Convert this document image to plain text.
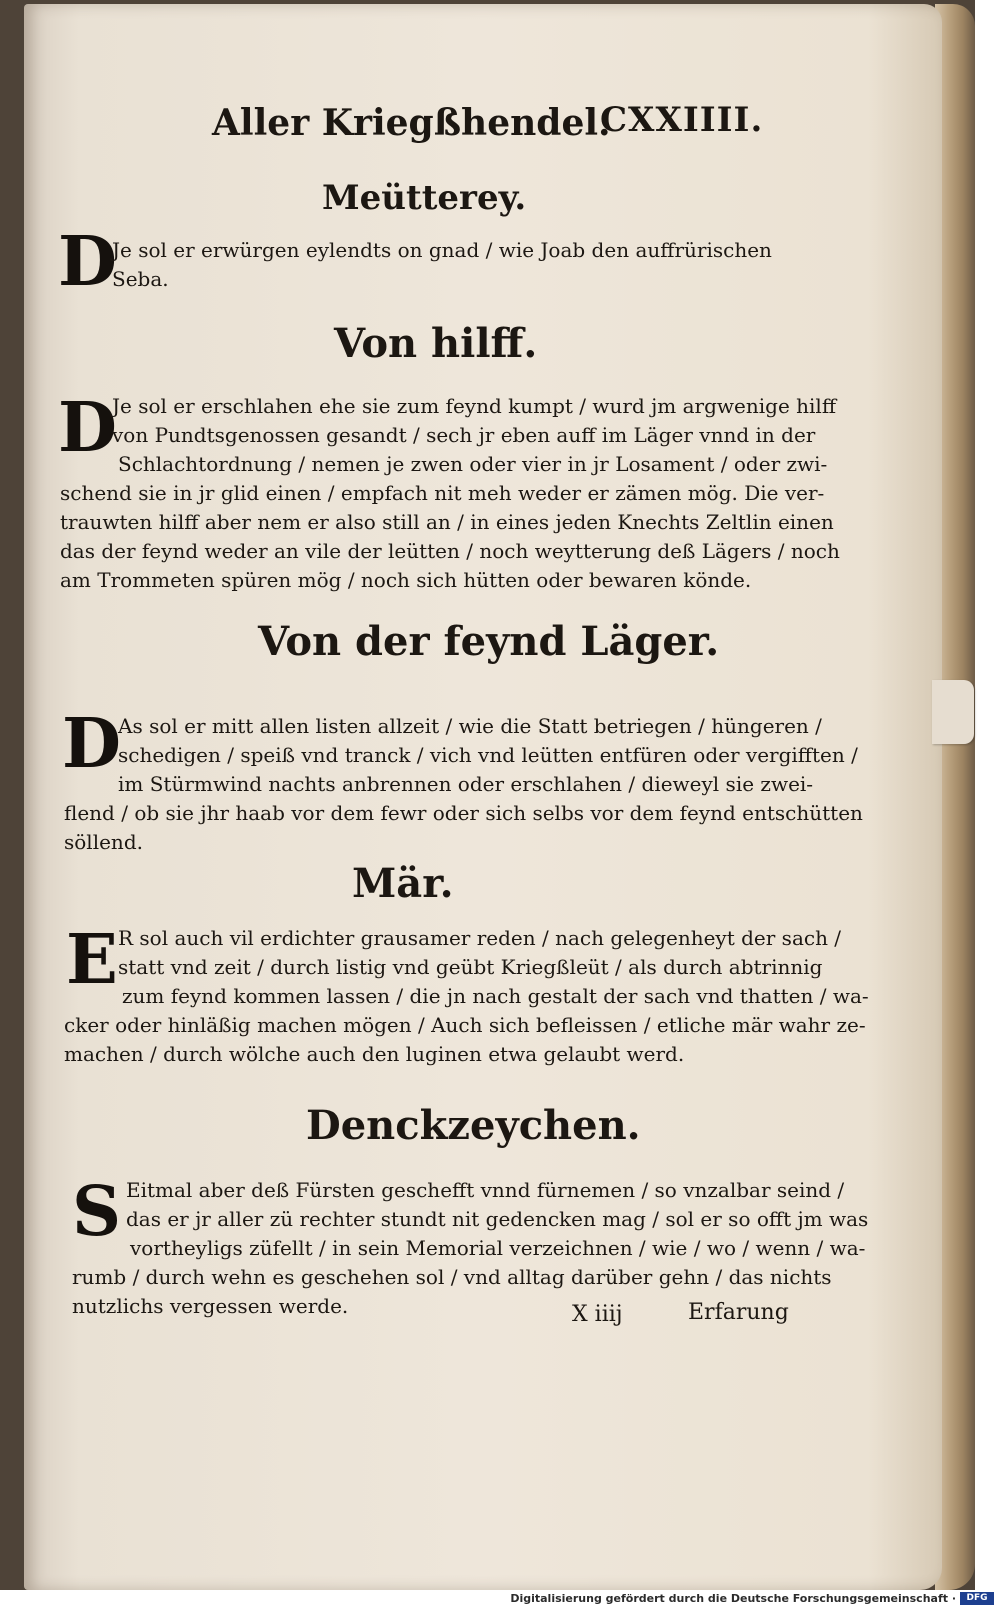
Aller Kriegßhendel.
CXXIIII.
Meütterey.
D
Je sol er erwürgen eylendts on gnad / wie Joab den auffrürischen
Seba.
Von hilff.
D
Je sol er erschlahen ehe sie zum feynd kumpt / wurd jm argwenige hilff
von Pundtsgenossen gesandt / sech jr eben auff im Läger vnnd in der
Schlachtordnung / nemen je zwen oder vier in jr Losament / oder zwi-
schend sie in jr glid einen / empfach nit meh weder er zämen mög. Die ver-
trauwten hilff aber nem er also still an / in eines jeden Knechts Zeltlin einen
das der feynd weder an vile der leütten / noch weytterung deß Lägers / noch
am Trommeten spüren mög / noch sich hütten oder bewaren könde.
Von der feynd Läger.
D
As sol er mitt allen listen allzeit / wie die Statt betriegen / hüngeren /
schedigen / speiß vnd tranck / vich vnd leütten entfüren oder vergifften /
im Stürmwind nachts anbrennen oder erschlahen / dieweyl sie zwei-
flend / ob sie jhr haab vor dem fewr oder sich selbs vor dem feynd entschütten
söllend.
Mär.
E R sol auch vil erdichter grausamer reden / nach gelegenheyt der sach /
statt vnd zeit / durch listig vnd geübt Kriegßleüt / als durch abtrinnig
zum feynd kommen lassen / die jn nach gestalt der sach vnd thatten / wa-
cker oder hinläßig machen mögen / Auch sich befleissen / etliche mär wahr ze-
machen / durch wölche auch den luginen etwa gelaubt werd.
Denckzeychen.
S Eitmal aber deß Fürsten geschefft vnnd fürnemen / so vnzalbar seind /
das er jr aller zü rechter stundt nit gedencken mag / sol er so offt jm was
vortheyligs züfellt / in sein Memorial verzeichnen / wie / wo / wenn / wa-
rumb / durch wehn es geschehen sol / vnd alltag darüber gehn / das nichts
nutzlichs vergessen werde.	X iiij	Erfarung
Digitalisierung gefördert durch die Deutsche Forschungsgemeinschaft ·	DFG
